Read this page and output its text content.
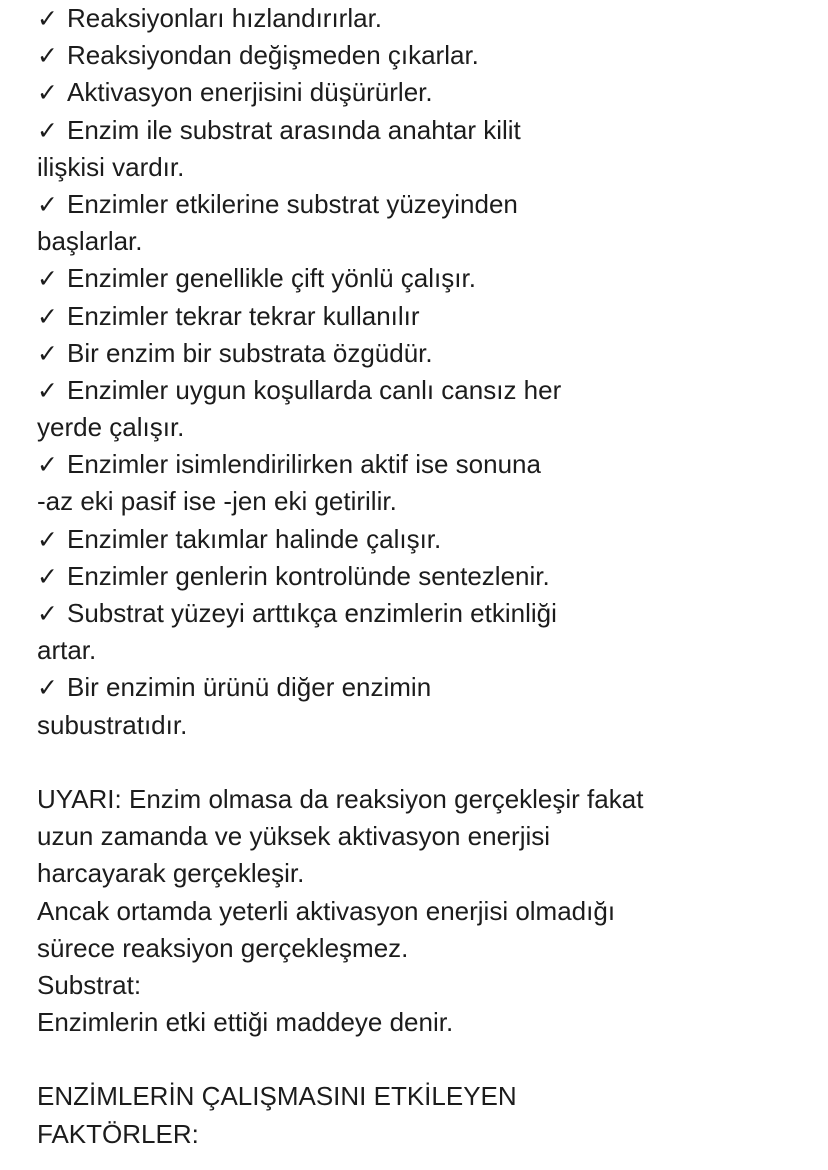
✓ Reaksiyonları hızlandırırlar.
✓ Reaksiyondan değişmeden çıkarlar.
✓ Aktivasyon enerjisini düşürürler.
✓ Enzim ile substrat arasında anahtar kilit
ilişkisi vardır.
✓ Enzimler etkilerine substrat yüzeyinden
başlarlar.
✓ Enzimler genellikle çift yönlü çalışır.
✓ Enzimler tekrar tekrar kullanılır
✓ Bir enzim bir substrata özgüdür.
✓ Enzimler uygun koşullarda canlı cansız her
yerde çalışır.
✓ Enzimler isimlendirilirken aktif ise sonuna
-az eki pasif ise -jen eki getirilir.
✓ Enzimler takımlar halinde çalışır.
✓ Enzimler genlerin kontrolünde sentezlenir.
✓ Substrat yüzeyi arttıkça enzimlerin etkinliği
artar.
✓ Bir enzimin ürünü diğer enzimin
subustratıdır.
UYARI: Enzim olmasa da reaksiyon gerçekleşir fakat
uzun zamanda ve yüksek aktivasyon enerjisi
harcayarak gerçekleşir.
Ancak ortamda yeterli aktivasyon enerjisi olmadığı
sürece reaksiyon gerçekleşmez.
Substrat:
Enzimlerin etki ettiği maddeye denir.
ENZİMLERİN ÇALIŞMASINI ETKİLEYEN
FAKTÖRLER:
